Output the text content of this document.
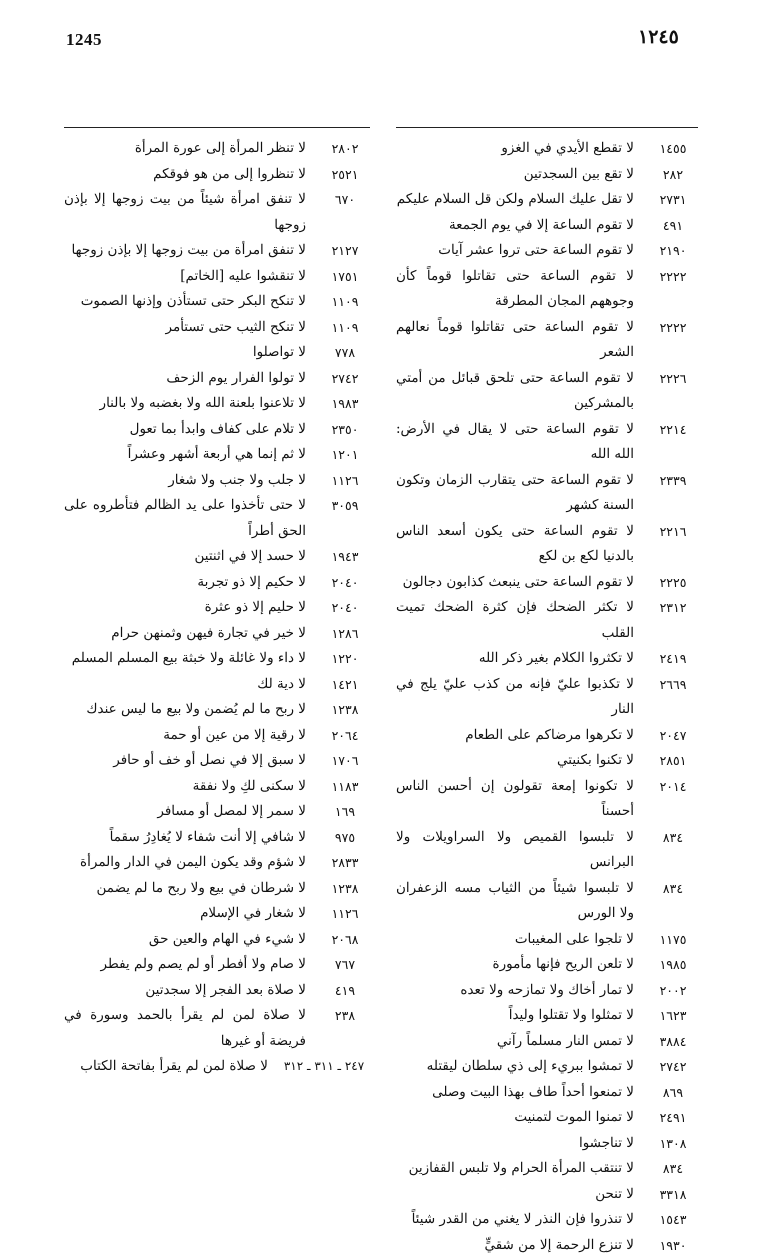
1245	١٢٤٥
١٤٥٥
لا تقطع الأيدي في الغزو
٢٨٢
لا تقع بين السجدتين
٢٧٣١
لا تقل عليك السلام ولكن قل السلام عليكم
٤٩١
لا تقوم الساعة إلا في يوم الجمعة
٢١٩٠
لا تقوم الساعة حتى تروا عشر آيات
٢٢٢٢
لا تقوم الساعة حتى تقاتلوا قوماً كأن وجوههم المجان المطرقة
٢٢٢٢
لا تقوم الساعة حتى تقاتلوا قوماً نعالهم الشعر
٢٢٢٦
لا تقوم الساعة حتى تلحق قبائل من أمتي بالمشركين
٢٢١٤
لا تقوم الساعة حتى لا يقال في الأرض: الله الله
٢٣٣٩
لا تقوم الساعة حتى يتقارب الزمان وتكون السنة كشهر
٢٢١٦
لا تقوم الساعة حتى يكون أسعد الناس بالدنيا لكع بن لكع
٢٢٢٥
لا تقوم الساعة حتى ينبعث كذابون دجالون
٢٣١٢
لا تكثر الضحك فإن كثرة الضحك تميت القلب
٢٤١٩
لا تكثروا الكلام بغير ذكر الله
٢٦٦٩
لا تكذبوا عليّ فإنه من كذب عليّ يلج في النار
٢٠٤٧
لا تكرهوا مرضاكم على الطعام
٢٨٥١
لا تكنوا بكنيتي
٢٠١٤
لا تكونوا إمعة تقولون إن أحسن الناس أحسناً
٨٣٤
لا تلبسوا القميص ولا السراويلات ولا البرانس
٨٣٤
لا تلبسوا شيئاً من الثياب مسه الزعفران ولا الورس
١١٧٥
لا تلجوا على المغيبات
١٩٨٥
لا تلعن الريح فإنها مأمورة
٢٠٠٢
لا تمار أخاك ولا تمازحه ولا تعده
١٦٢٣
لا تمثلوا ولا تقتلوا وليداً
٣٨٨٤
لا تمس النار مسلماً رآني
٢٧٤٢
لا تمشوا ببريء إلى ذي سلطان ليقتله
٨٦٩
لا تمنعوا أحداً طاف بهذا البيت وصلى
٢٤٩١
لا تمنوا الموت لتمنيت
١٣٠٨
لا تناجشوا
٨٣٤
لا تنتقب المرأة الحرام ولا تلبس القفازين
٣٣١٨
لا تنحن
١٥٤٣
لا تنذروا فإن النذر لا يغني من القدر شيئاً
١٩٣٠
لا تنزع الرحمة إلا من شقيٍّ
٢٨٠٢
لا تنظر المرأة إلى عورة المرأة
٢٥٢١
لا تنظروا إلى من هو فوقكم
٦٧٠
لا تنفق امرأة شيئاً من بيت زوجها إلا بإذن زوجها
٢١٢٧
لا تنفق امرأة من بيت زوجها إلا بإذن زوجها
١٧٥١
لا تنقشوا عليه [الخاتم]
١١٠٩
لا تنكح البكر حتى تستأذن وإذنها الصموت
١١٠٩
لا تنكح الثيب حتى تستأمر
٧٧٨
لا تواصلوا
٢٧٤٢
لا تولوا الفرار يوم الزحف
١٩٨٣
لا تلاعنوا بلعنة الله ولا بغضبه ولا بالنار
٢٣٥٠
لا تلام على كفاف وابدأ بما تعول
١٢٠١
لا ثم إنما هي أربعة أشهر وعشراً
١١٢٦
لا جلب ولا جنب ولا شغار
٣٠٥٩
لا حتى تأخذوا على يد الظالم فتأطروه على الحق أطراً
١٩٤٣
لا حسد إلا في اثنتين
٢٠٤٠
لا حكيم إلا ذو تجربة
٢٠٤٠
لا حليم إلا ذو عثرة
١٢٨٦
لا خير في تجارة فيهن وثمنهن حرام
١٢٢٠
لا داء ولا غائلة ولا خبثة بيع المسلم المسلم
١٤٢١
لا دية لك
١٢٣٨
لا ربح ما لم يُضمن ولا بيع ما ليس عندك
٢٠٦٤
لا رقية إلا من عين أو حمة
١٧٠٦
لا سبق إلا في نصل أو خف أو حافر
١١٨٣
لا سكنى لكِ ولا نفقة
١٦٩
لا سمر إلا لمصل أو مسافر
٩٧٥
لا شافي إلا أنت شفاء لا يُغادِرُ سقماً
٢٨٣٣
لا شؤم وقد يكون اليمن في الدار والمرأة
١٢٣٨
لا شرطان في بيع ولا ربح ما لم يضمن
١١٢٦
لا شغار في الإسلام
٢٠٦٨
لا شيء في الهام والعين حق
٧٦٧
لا صام ولا أفطر أو لم يصم ولم يفطر
٤١٩
لا صلاة بعد الفجر إلا سجدتين
٢٣٨
لا صلاة لمن لم يقرأ بالحمد وسورة في فريضة أو غيرها
٢٤٧ ـ ٣١١ ـ ٣١٢
لا صلاة لمن لم يقرأ بفاتحة الكتاب
